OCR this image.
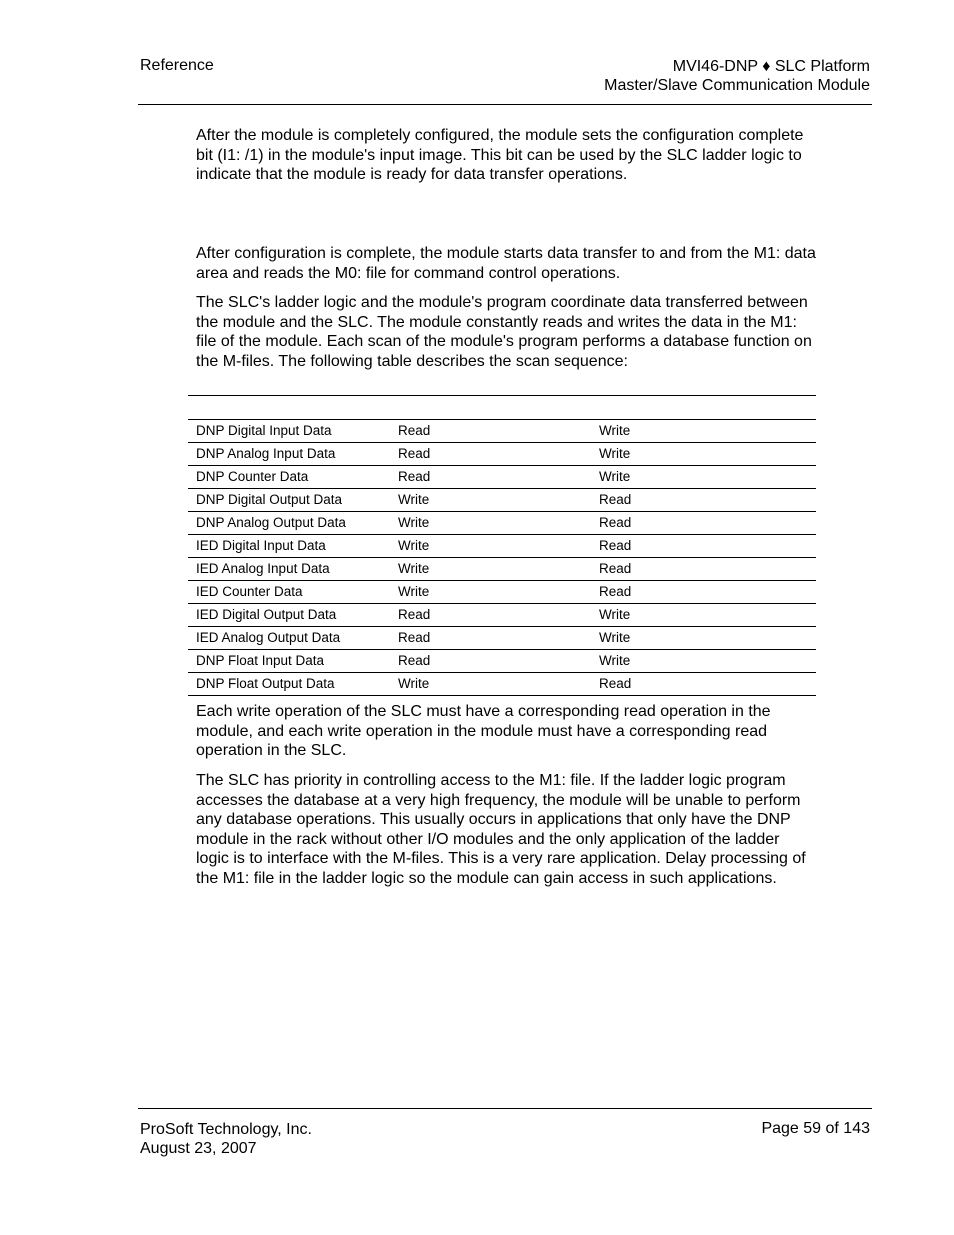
Reference	MVI46-DNP ♦ SLC Platform
Master/Slave Communication Module

After the module is completely configured, the module sets the configuration complete bit (I1: /1) in the module's input image. This bit can be used by the SLC ladder logic to indicate that the module is ready for data transfer operations.

After configuration is complete, the module starts data transfer to and from the M1: data area and reads the M0: file for command control operations.

The SLC's ladder logic and the module's program coordinate data transferred between the module and the SLC. The module constantly reads and writes the data in the M1: file of the module. Each scan of the module's program performs a database function on the M-files. The following table describes the scan sequence:

DNP Digital Input Data	Read	Write
DNP Analog Input Data	Read	Write
DNP Counter Data	Read	Write
DNP Digital Output Data	Write	Read
DNP Analog Output Data	Write	Read
IED Digital Input Data	Write	Read
IED Analog Input Data	Write	Read
IED Counter Data	Write	Read
IED Digital Output Data	Read	Write
IED Analog Output Data	Read	Write
DNP Float Input Data	Read	Write
DNP Float Output Data	Write	Read

Each write operation of the SLC must have a corresponding read operation in the module, and each write operation in the module must have a corresponding read operation in the SLC.

The SLC has priority in controlling access to the M1: file. If the ladder logic program accesses the database at a very high frequency, the module will be unable to perform any database operations. This usually occurs in applications that only have the DNP module in the rack without other I/O modules and the only application of the ladder logic is to interface with the M-files. This is a very rare application. Delay processing of the M1: file in the ladder logic so the module can gain access in such applications.

ProSoft Technology, Inc.
August 23, 2007
Page 59 of 143
